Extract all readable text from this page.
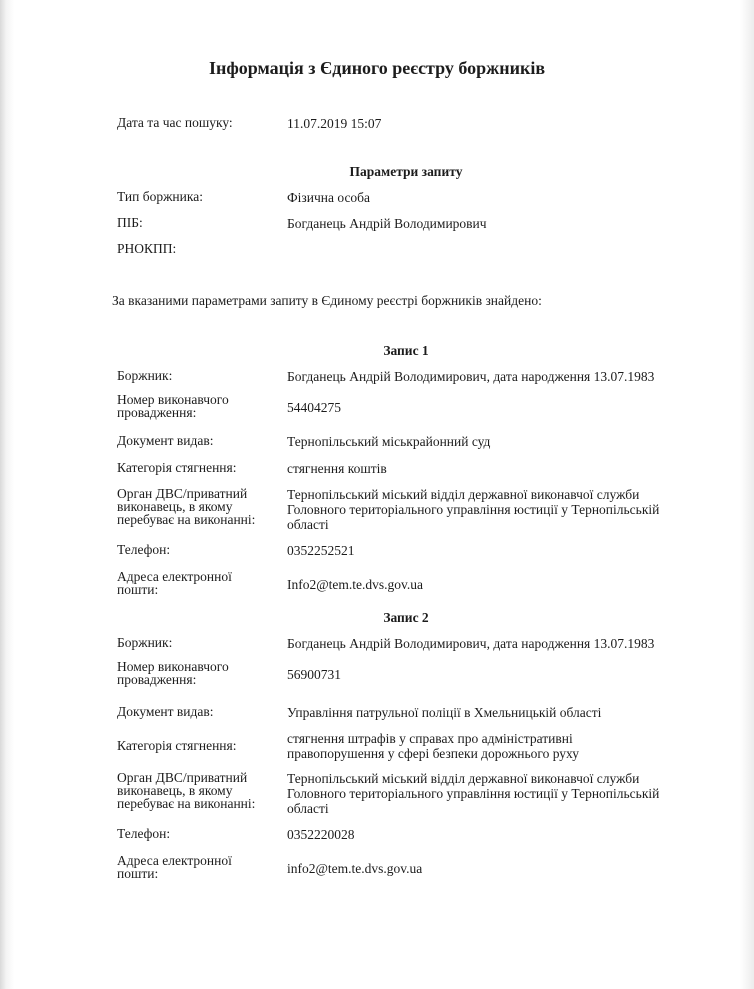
Інформація з Єдиного реєстру боржників
Дата та час пошуку:	11.07.2019 15:07
Параметри запиту
Тип боржника:	Фізична особа
ПІБ:	Богданець Андрій Володимирович
РНОКПП:
За вказаними параметрами запиту в Єдиному реєстрі боржників знайдено:
Запис 1
Боржник:	Богданець Андрій Володимирович, дата народження 13.07.1983
Номер виконавчого
провадження:	54404275
Документ видав:	Тернопільський міськрайонний суд
Категорія стягнення:	стягнення коштів
Орган ДВС/приватний
виконавець, в якому
перебуває на виконанні:
Тернопільський міський відділ державної виконавчої служби
Головного територіального управління юстиції у Тернопільській
області
Телефон:	0352252521
Адреса електронної
пошти:	Info2@tem.te.dvs.gov.ua
Запис 2
Боржник:	Богданець Андрій Володимирович, дата народження 13.07.1983
Номер виконавчого
провадження:	56900731
Документ видав:	Управління патрульної поліції в Хмельницькій області
Категорія стягнення:	стягнення штрафів у справах про адміністративні
правопорушення у сфері безпеки дорожнього руху
Орган ДВС/приватний
виконавець, в якому
перебуває на виконанні:
Тернопільський міський відділ державної виконавчої служби
Головного територіального управління юстиції у Тернопільській
області
Телефон:	0352220028
Адреса електронної
пошти:	info2@tem.te.dvs.gov.ua
